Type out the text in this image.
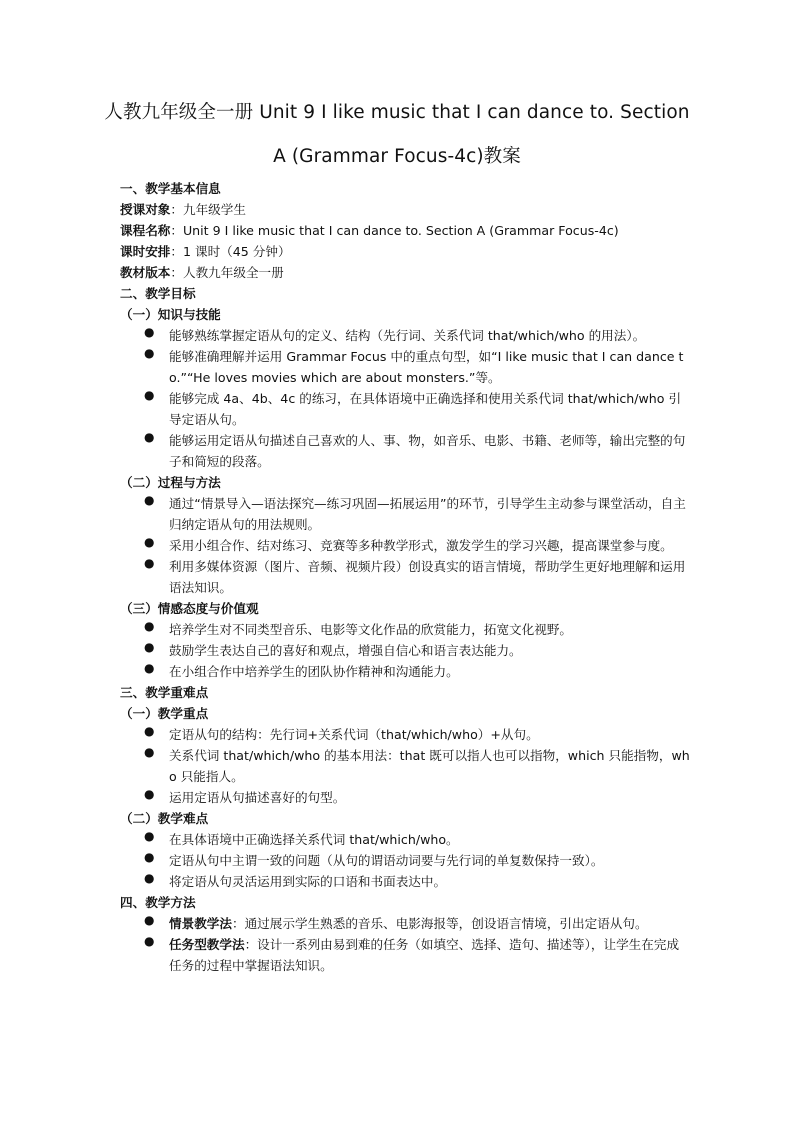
人教九年级全一册 Unit 9 I like music that I can dance to. Section
A (Grammar Focus-4c)教案
一、教学基本信息
授课对象：九年级学生
课程名称：Unit 9 I like music that I can dance to. Section A (Grammar Focus-4c)
课时安排：1 课时（45 分钟）
教材版本：人教九年级全一册
二、教学目标
（一）知识与技能
● 能够熟练掌握定语从句的定义、结构（先行词、关系代词 that/which/who 的用法）。
● 能够准确理解并运用 Grammar Focus 中的重点句型，如“I like music that I can dance to.”“He loves movies which are about monsters.”等。
● 能够完成 4a、4b、4c 的练习，在具体语境中正确选择和使用关系代词 that/which/who 引导定语从句。
● 能够运用定语从句描述自己喜欢的人、事、物，如音乐、电影、书籍、老师等，输出完整的句子和简短的段落。
（二）过程与方法
● 通过“情景导入—语法探究—练习巩固—拓展运用”的环节，引导学生主动参与课堂活动，自主归纳定语从句的用法规则。
● 采用小组合作、结对练习、竞赛等多种教学形式，激发学生的学习兴趣，提高课堂参与度。
● 利用多媒体资源（图片、音频、视频片段）创设真实的语言情境，帮助学生更好地理解和运用语法知识。
（三）情感态度与价值观
● 培养学生对不同类型音乐、电影等文化作品的欣赏能力，拓宽文化视野。
● 鼓励学生表达自己的喜好和观点，增强自信心和语言表达能力。
● 在小组合作中培养学生的团队协作精神和沟通能力。
三、教学重难点
（一）教学重点
● 定语从句的结构：先行词+关系代词（that/which/who）+从句。
● 关系代词 that/which/who 的基本用法：that 既可以指人也可以指物，which 只能指物，who 只能指人。
● 运用定语从句描述喜好的句型。
（二）教学难点
● 在具体语境中正确选择关系代词 that/which/who。
● 定语从句中主谓一致的问题（从句的谓语动词要与先行词的单复数保持一致）。
● 将定语从句灵活运用到实际的口语和书面表达中。
四、教学方法
● 情景教学法：通过展示学生熟悉的音乐、电影海报等，创设语言情境，引出定语从句。
● 任务型教学法：设计一系列由易到难的任务（如填空、选择、造句、描述等），让学生在完成任务的过程中掌握语法知识。
